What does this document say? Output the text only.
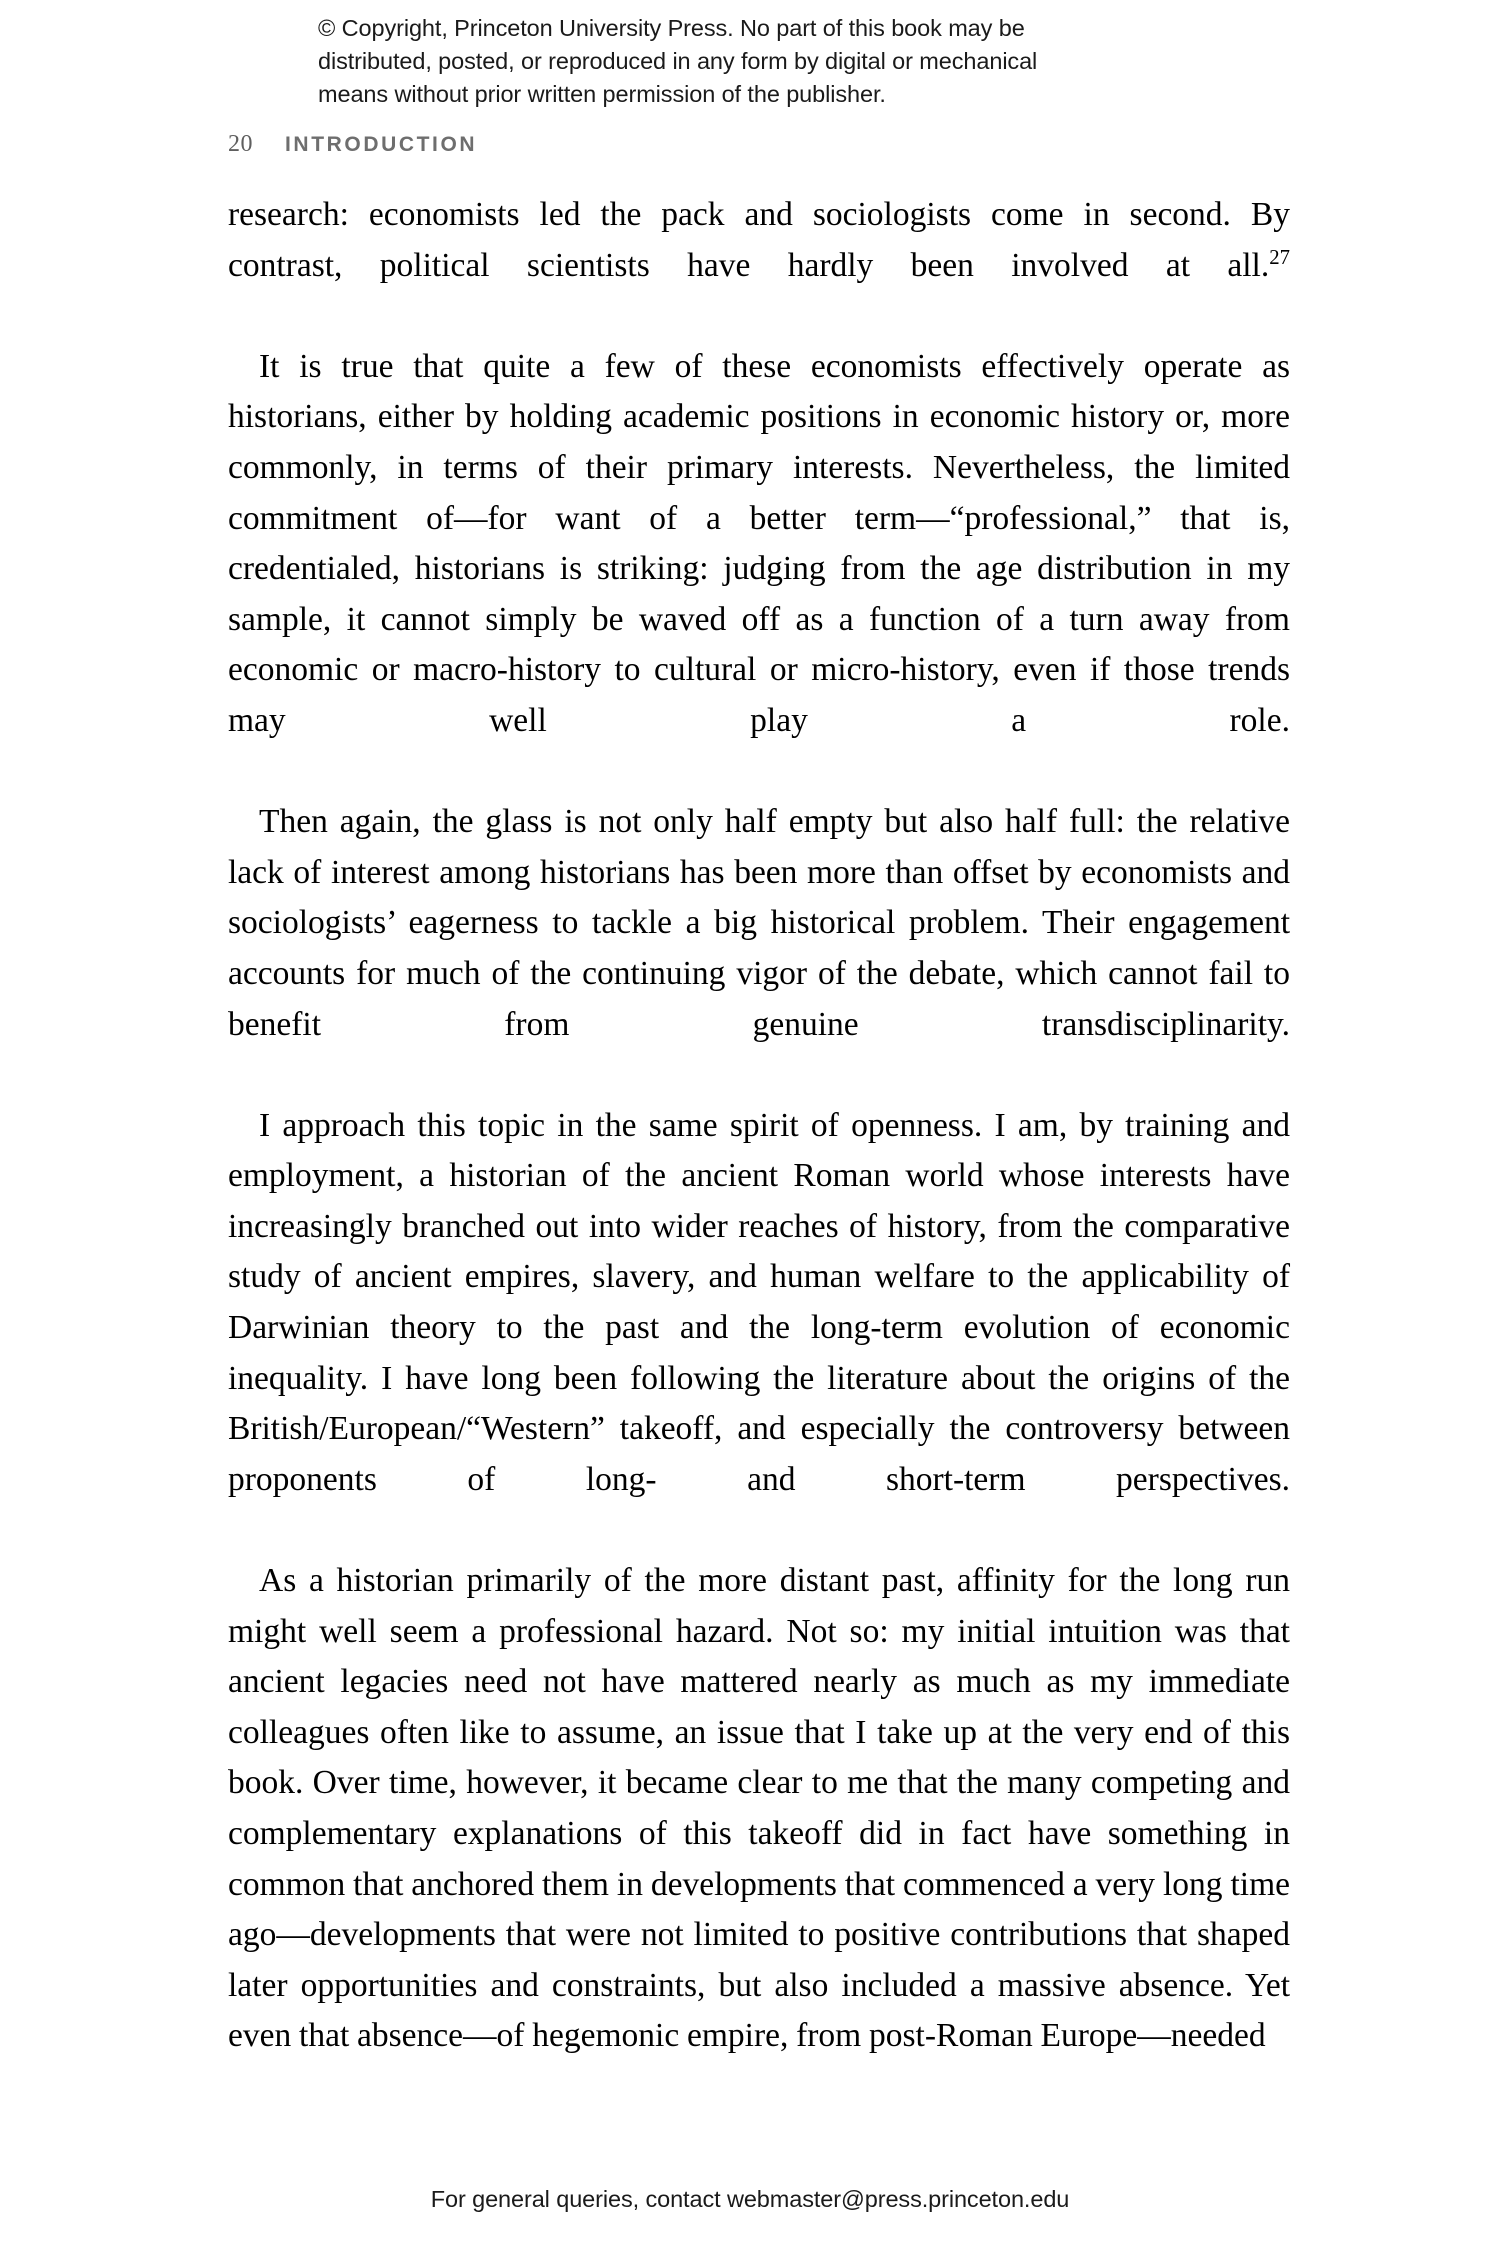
© Copyright, Princeton University Press. No part of this book may be
distributed, posted, or reproduced in any form by digital or mechanical
means without prior written permission of the publisher.
20 INTRODUCTION

research: economists led the pack and sociologists come in second. By contrast, political scientists have hardly been involved at all.$^{27}$

It is true that quite a few of these economists effectively operate as historians, either by holding academic positions in economic history or, more commonly, in terms of their primary interests. Nevertheless, the limited commitment of—for want of a better term—“professional,” that is, credentialed, historians is striking: judging from the age distribution in my sample, it cannot simply be waved off as a function of a turn away from economic or macro-history to cultural or micro-history, even if those trends may well play a role.

Then again, the glass is not only half empty but also half full: the relative lack of interest among historians has been more than offset by economists and sociologists’ eagerness to tackle a big historical problem. Their engagement accounts for much of the continuing vigor of the debate, which cannot fail to benefit from genuine transdisciplinarity.

I approach this topic in the same spirit of openness. I am, by training and employment, a historian of the ancient Roman world whose interests have increasingly branched out into wider reaches of history, from the comparative study of ancient empires, slavery, and human welfare to the applicability of Darwinian theory to the past and the long-term evolution of economic inequality. I have long been following the literature about the origins of the British/European/“Western” takeoff, and especially the controversy between proponents of long- and short-term perspectives.

As a historian primarily of the more distant past, affinity for the long run might well seem a professional hazard. Not so: my initial intuition was that ancient legacies need not have mattered nearly as much as my immediate colleagues often like to assume, an issue that I take up at the very end of this book. Over time, however, it became clear to me that the many competing and complementary explanations of this takeoff did in fact have something in common that anchored them in developments that commenced a very long time ago—developments that were not limited to positive contributions that shaped later opportunities and constraints, but also included a massive absence. Yet even that absence—of hegemonic empire, from post-Roman Europe—needed

For general queries, contact webmaster@press.princeton.edu
